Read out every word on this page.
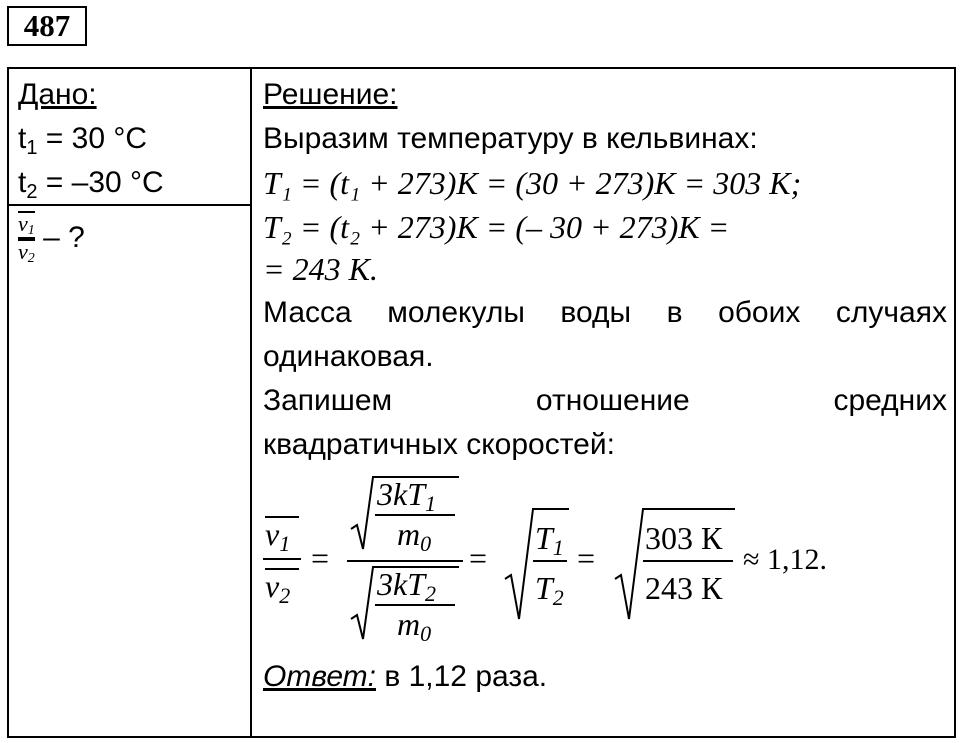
487
Дано:
$t_1 = 30$ °C
$t_2 = -30$ °C
$\frac{v_1}{v_2}$ – ?
Решение:
Выразим температуру в кельвинах:
T₁ = (t₁ + 273)K = (30 + 273)K = 303 K;
T₂ = (t₂ + 273)K = (– 30 + 273)K =
= 243 K.
Масса молекулы воды в обоих случаях
одинаковая.
Запишем	отношение	средних
квадратичных скоростей:
v1
v2
=
3kT1
m0
3kT2
m0
=
T1
T2
=
303 К
243 К
≈ 1,12.
Ответ: в 1,12 раза.
